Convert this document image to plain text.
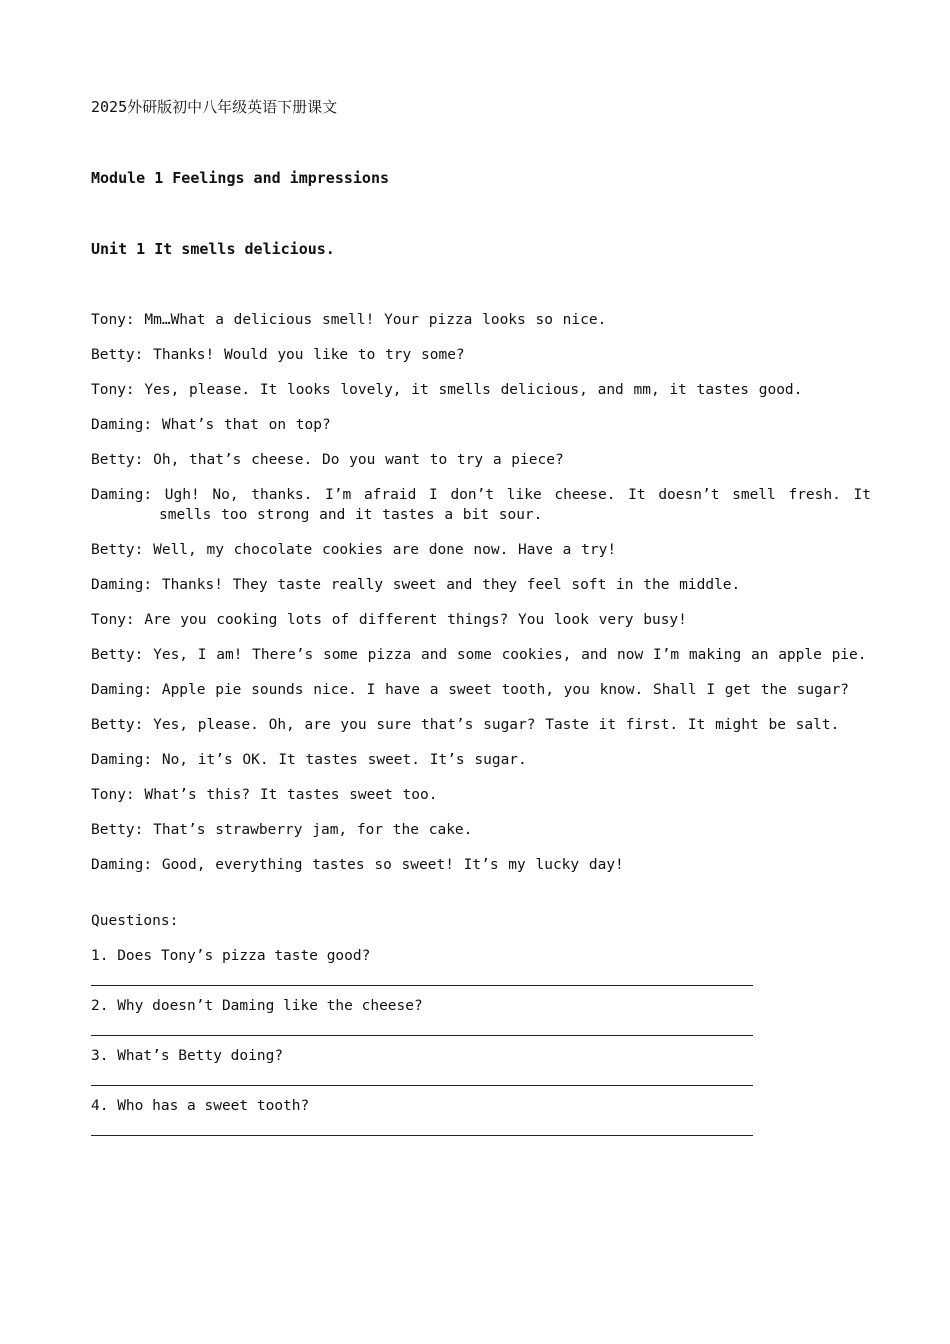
2025外研版初中八年级英语下册课文
Module 1 Feelings and impressions
Unit 1 It smells delicious.

Tony: Mm…What a delicious smell! Your pizza looks so nice.

Betty: Thanks! Would you like to try some?

Tony: Yes, please. It looks lovely, it smells delicious, and mm, it tastes good.

Daming: What’s that on top?

Betty: Oh, that’s cheese. Do you want to try a piece?

Daming: Ugh! No, thanks. I’m afraid I don’t like cheese. It doesn’t smell fresh. It smells too strong and it tastes a bit sour.

Betty: Well, my chocolate cookies are done now. Have a try!

Daming: Thanks! They taste really sweet and they feel soft in the middle.

Tony: Are you cooking lots of different things? You look very busy!

Betty: Yes, I am! There’s some pizza and some cookies, and now I’m making an apple pie.

Daming: Apple pie sounds nice. I have a sweet tooth, you know. Shall I get the sugar?

Betty: Yes, please. Oh, are you sure that’s sugar? Taste it first. It might be salt.

Daming: No, it’s OK. It tastes sweet. It’s sugar.

Tony: What’s this? It tastes sweet too.

Betty: That’s strawberry jam, for the cake.

Daming: Good, everything tastes so sweet! It’s my lucky day!

Questions:
1. Does Tony’s pizza taste good?
2. Why doesn’t Daming like the cheese?
3. What’s Betty doing?
4. Who has a sweet tooth?
